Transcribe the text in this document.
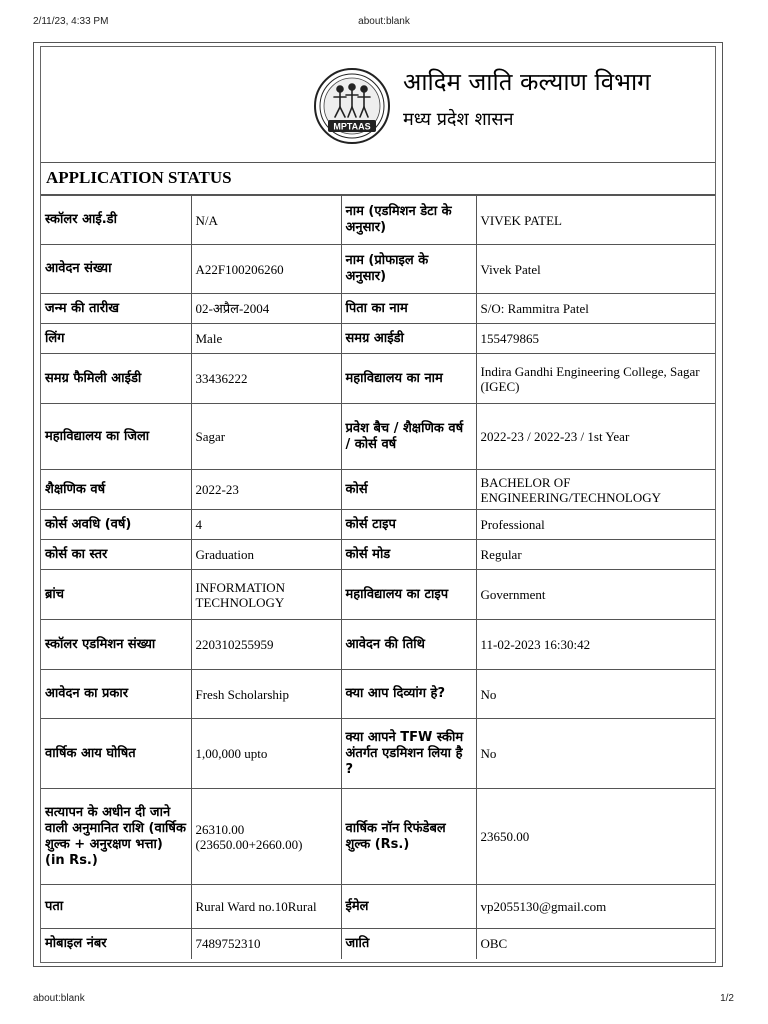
2/11/23, 4:33 PM	about:blank
MPTAAS
आदिम जाति कल्याण विभाग
मध्य प्रदेश शासन
APPLICATION STATUS
स्कॉलर आई.डी	N/A	नाम (एडमिशन डेटा के अनुसार)	VIVEK PATEL
आवेदन संख्या	A22F100206260	नाम (प्रोफाइल के अनुसार)	Vivek Patel
जन्म की तारीख	02-अप्रैल-2004	पिता का नाम	S/O: Rammitra Patel
लिंग	Male	समग्र आईडी	155479865
समग्र फैमिली आईडी	33436222	महाविद्यालय का नाम	Indira Gandhi Engineering College, Sagar (IGEC)
महाविद्यालय का जिला	Sagar	प्रवेश बैच / शैक्षणिक वर्ष / कोर्स वर्ष	2022-23 / 2022-23 / 1st Year
शैक्षणिक वर्ष	2022-23	कोर्स	BACHELOR OF ENGINEERING/TECHNOLOGY
कोर्स अवधि (वर्ष)	4	कोर्स टाइप	Professional
कोर्स का स्तर	Graduation	कोर्स मोड	Regular
ब्रांच	INFORMATION TECHNOLOGY	महाविद्यालय का टाइप	Government
स्कॉलर एडमिशन संख्या	220310255959	आवेदन की तिथि	11-02-2023 16:30:42
आवेदन का प्रकार	Fresh Scholarship	क्या आप दिव्यांग हे?	No
वार्षिक आय घोषित	1,00,000 upto	क्या आपने TFW स्कीम अंतर्गत एडमिशन लिया है ?	No
सत्यापन के अधीन दी जाने वाली अनुमानित राशि (वार्षिक शुल्क + अनुरक्षण भत्ता) (in Rs.)	26310.00 (23650.00+2660.00)	वार्षिक नॉन रिफंडेबल शुल्क (Rs.)	23650.00
पता	Rural Ward no.10Rural	ईमेल	vp2055130@gmail.com
मोबाइल नंबर	7489752310	जाति	OBC
about:blank	1/2
